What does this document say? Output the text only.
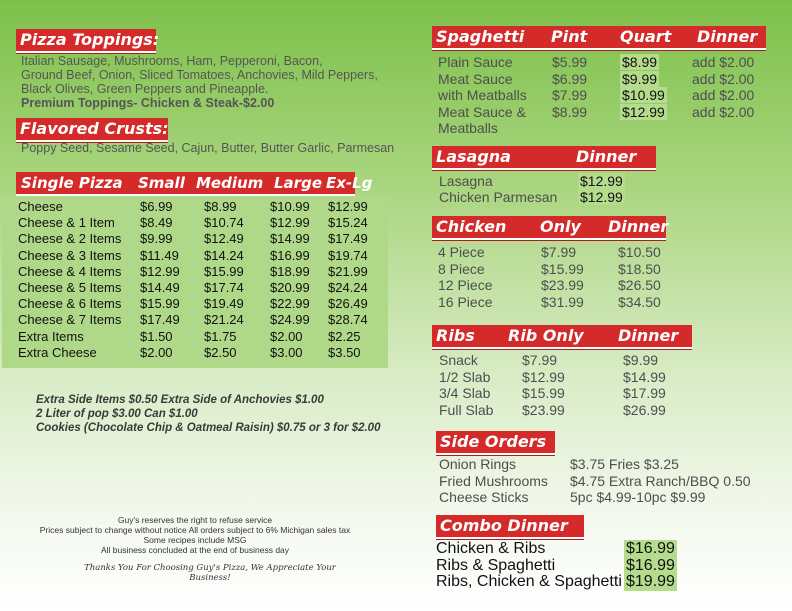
Pizza Toppings:
Italian Sausage, Mushrooms, Ham, Pepperoni, Bacon,
Ground Beef, Onion, Sliced Tomatoes, Anchovies, Mild Peppers,
Black Olives, Green Peppers and Pineapple.
Premium Toppings- Chicken & Steak-$2.00
Flavored Crusts:
Poppy Seed, Sesame Seed, Cajun, Butter, Butter Garlic, Parmesan
Single Pizza Small Medium Large Ex-Lg
Cheese	$6.99 $8.99	$10.99 $12.99
Cheese & 1 Item $8.49 $10.74 $12.99 $15.24
Cheese & 2 Items $9.99 $12.49 $14.99 $17.49
Cheese & 3 Items $11.49 $14.24 $16.99 $19.74
Cheese & 4 Items $12.99 $15.99 $18.99 $21.99
Cheese & 5 Items $14.49 $17.74 $20.99 $24.24
Cheese & 6 Items $15.99 $19.49 $22.99 $26.49
Cheese & 7 Items $17.49 $21.24 $24.99 $28.74
Extra Items	$1.50 $1.75	$2.00 $2.25
Extra Cheese	$2.00 $2.50	$3.00 $3.50
Extra Side Items $0.50 Extra Side of Anchovies $1.00
2 Liter of pop $3.00 Can $1.00
Cookies (Chocolate Chip & Oatmeal Raisin) $0.75 or 3 for $2.00
Guy's reserves the right to refuse service
Prices subject to change without notice All orders subject to 6% Michigan sales tax
Some recipes include MSG
All business concluded at the end of business day
Thanks You For Choosing Guy's Pizza, We Appreciate Your Business!
Spaghetti Pint Quart Dinner
Plain Sauce	$5.99 $8.99 add $2.00
Meat Sauce	$6.99 $9.99 add $2.00
with Meatballs $7.99 $10.99 add $2.00
Meat Sauce & $8.99 $12.99 add $2.00
Meatballs
Lasagna	Dinner
Lasagna	$12.99
Chicken Parmesan $12.99
Chicken Only Dinner
4 Piece	$7.99	$10.50
8 Piece	$15.99 $18.50
12 Piece	$23.99 $26.50
16 Piece	$31.99 $34.50
Ribs Rib Only Dinner
Snack	$7.99	$9.99
1/2 Slab $12.99	$14.99
3/4 Slab $15.99	$17.99
Full Slab $23.99	$26.99
Side Orders
Onion Rings	$3.75 Fries $3.25
Fried Mushrooms $4.75 Extra Ranch/BBQ 0.50
Cheese Sticks	5pc $4.99-10pc $9.99
Combo Dinner
Chicken & Ribs	$16.99
Ribs & Spaghetti	$16.99
Ribs, Chicken & Spaghetti $19.99
